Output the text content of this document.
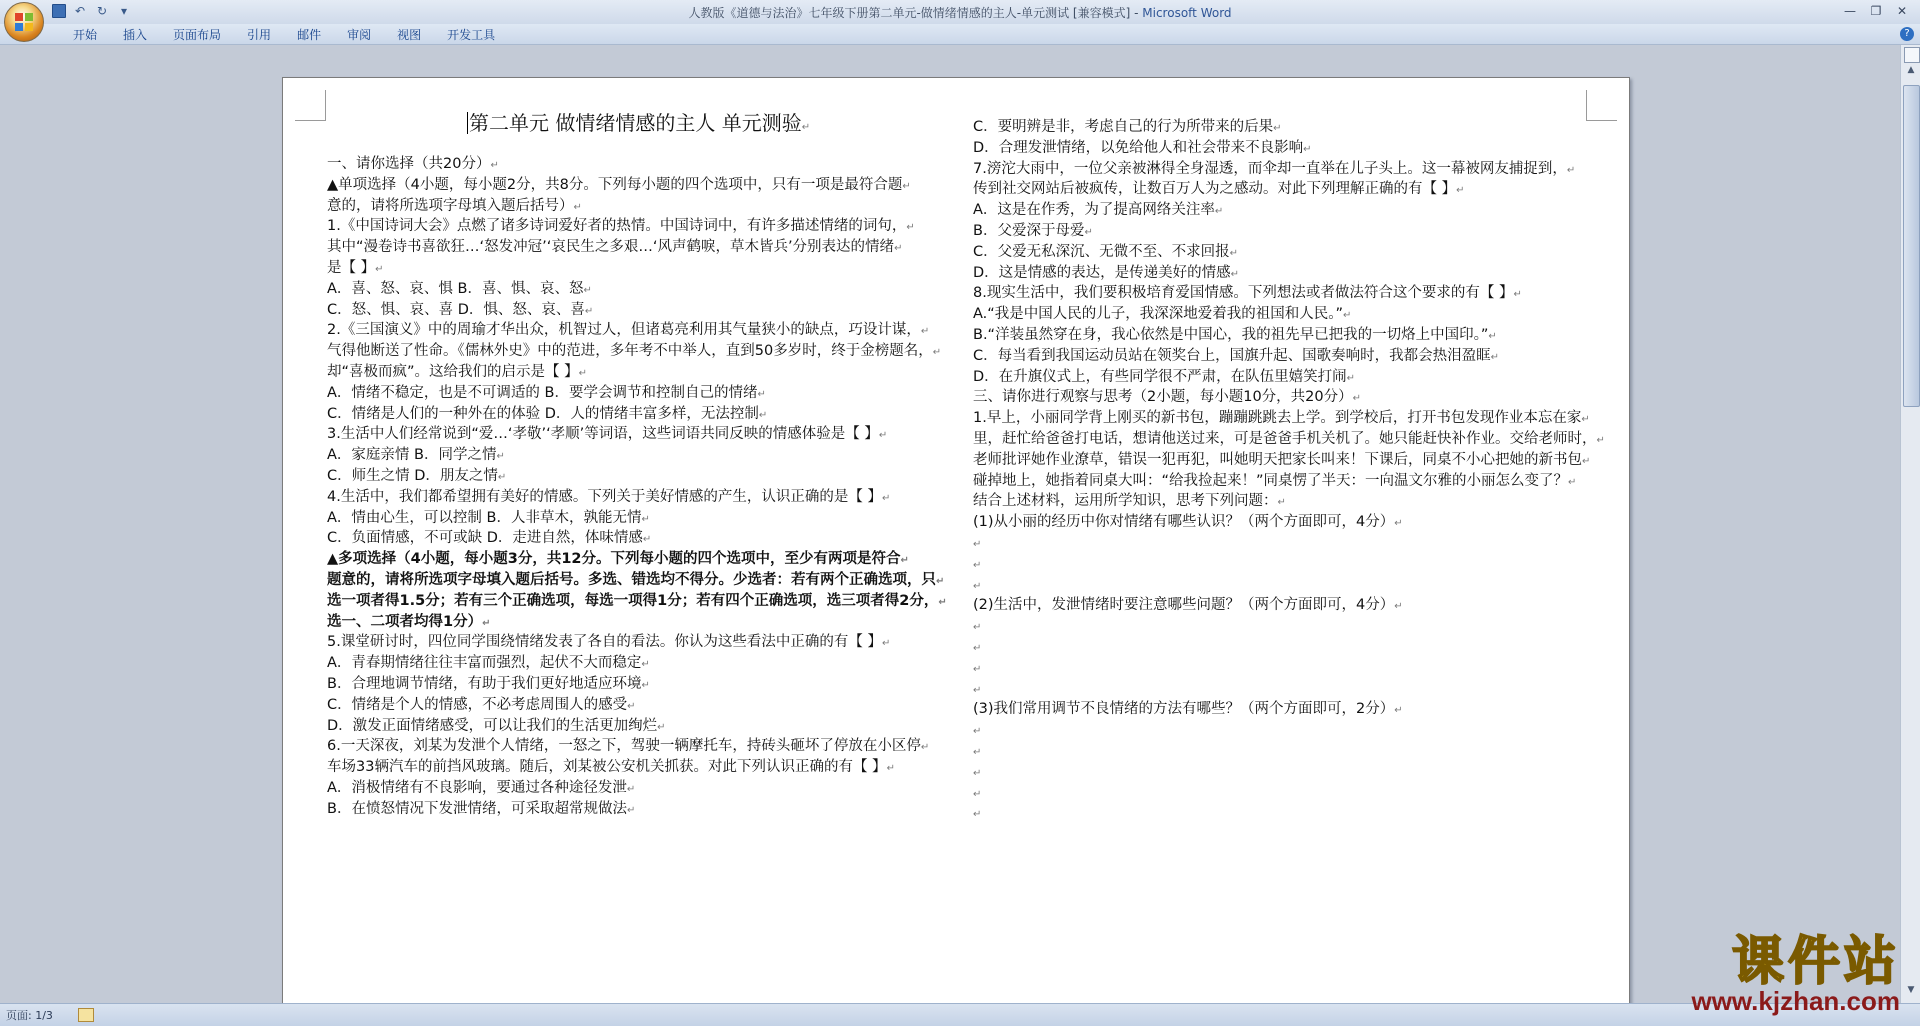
↶ ↻	▾	人教版《道德与法治》七年级下册第二单元-做情绪情感的主人-单元测试 [兼容模式] - Microsoft Word	—	❐	✕
开始	插入	页面布局	引用	邮件	审阅	视图	开发工具	?
第二单元 做情绪情感的主人 单元测验↵
一、请你选择（共20分）↵
▲单项选择（4小题，每小题2分，共8分。下列每小题的四个选项中，只有一项是最符合题↵
意的，请将所选项字母填入题后括号）↵
1.《中国诗词大会》点燃了诸多诗词爱好者的热情。中国诗词中，有许多描述情绪的词句，↵
其中“漫卷诗书喜欲狂…‘怒发冲冠’‘哀民生之多艰…‘风声鹤唳，草木皆兵’分别表达的情绪↵
是【 】↵
A．喜、怒、哀、惧 B．喜、惧、哀、怒↵
C．怒、惧、哀、喜 D．惧、怒、哀、喜↵
2.《三国演义》中的周瑜才华出众，机智过人，但诸葛亮利用其气量狭小的缺点，巧设计谋，↵
气得他断送了性命。《儒林外史》中的范进，多年考不中举人，直到50多岁时，终于金榜题名，↵
却“喜极而疯”。这给我们的启示是【 】↵
A．情绪不稳定，也是不可调适的 B．要学会调节和控制自己的情绪↵
C．情绪是人们的一种外在的体验 D．人的情绪丰富多样，无法控制↵
3.生活中人们经常说到“爱…‘孝敬’‘孝顺’等词语，这些词语共同反映的情感体验是【 】↵
A．家庭亲情 B．同学之情↵
C．师生之情 D．朋友之情↵
4.生活中，我们都希望拥有美好的情感。下列关于美好情感的产生，认识正确的是【 】↵
A．情由心生，可以控制 B．人非草木，孰能无情↵
C．负面情感，不可或缺 D．走进自然，体味情感↵
▲多项选择（4小题，每小题3分，共12分。下列每小题的四个选项中，至少有两项是符合↵
题意的，请将所选项字母填入题后括号。多选、错选均不得分。少选者：若有两个正确选项，只↵
选一项者得1.5分；若有三个正确选项，每选一项得1分；若有四个正确选项，选三项者得2分，↵
选一、二项者均得1分）↵
5.课堂研讨时，四位同学围绕情绪发表了各自的看法。你认为这些看法中正确的有【 】↵
A．青春期情绪往往丰富而强烈，起伏不大而稳定↵
B．合理地调节情绪，有助于我们更好地适应环境↵
C．情绪是个人的情感，不必考虑周围人的感受↵
D．激发正面情绪感受，可以让我们的生活更加绚烂↵
6.一天深夜，刘某为发泄个人情绪，一怒之下，驾驶一辆摩托车，持砖头砸坏了停放在小区停↵
车场33辆汽车的前挡风玻璃。随后，刘某被公安机关抓获。对此下列认识正确的有【 】↵
A．消极情绪有不良影响，要通过各种途径发泄↵
B．在愤怒情况下发泄情绪，可采取超常规做法↵
C．要明辨是非，考虑自己的行为所带来的后果↵
D．合理发泄情绪，以免给他人和社会带来不良影响↵
7.滂沱大雨中，一位父亲被淋得全身湿透，而伞却一直举在儿子头上。这一幕被网友捕捉到，↵
传到社交网站后被疯传，让数百万人为之感动。对此下列理解正确的有【 】↵
A．这是在作秀，为了提高网络关注率↵
B．父爱深于母爱↵
C．父爱无私深沉、无微不至、不求回报↵
D．这是情感的表达，是传递美好的情感↵
8.现实生活中，我们要积极培育爱国情感。下列想法或者做法符合这个要求的有【 】↵
A.“我是中国人民的儿子，我深深地爱着我的祖国和人民。”↵
B.“洋装虽然穿在身，我心依然是中国心，我的祖先早已把我的一切烙上中国印。”↵
C．每当看到我国运动员站在领奖台上，国旗升起、国歌奏响时，我都会热泪盈眶↵
D．在升旗仪式上，有些同学很不严肃，在队伍里嬉笑打闹↵
三、请你进行观察与思考（2小题，每小题10分，共20分）↵
1.早上，小丽同学背上刚买的新书包，蹦蹦跳跳去上学。到学校后，打开书包发现作业本忘在家↵
里，赶忙给爸爸打电话，想请他送过来，可是爸爸手机关机了。她只能赶快补作业。交给老师时，↵
老师批评她作业潦草，错误一犯再犯，叫她明天把家长叫来！下课后，同桌不小心把她的新书包↵
碰掉地上，她指着同桌大叫：“给我捡起来！”同桌愣了半天：一向温文尔雅的小丽怎么变了？↵
结合上述材料，运用所学知识，思考下列问题：↵
(1)从小丽的经历中你对情绪有哪些认识？（两个方面即可，4分）↵
↵
↵
↵
(2)生活中，发泄情绪时要注意哪些问题？（两个方面即可，4分）↵
↵
↵
↵
↵
(3)我们常用调节不良情绪的方法有哪些？（两个方面即可，2分）↵
↵
↵
↵
↵
↵
▲
▼
页面: 1/3
课件站
www.kjzhan.com
